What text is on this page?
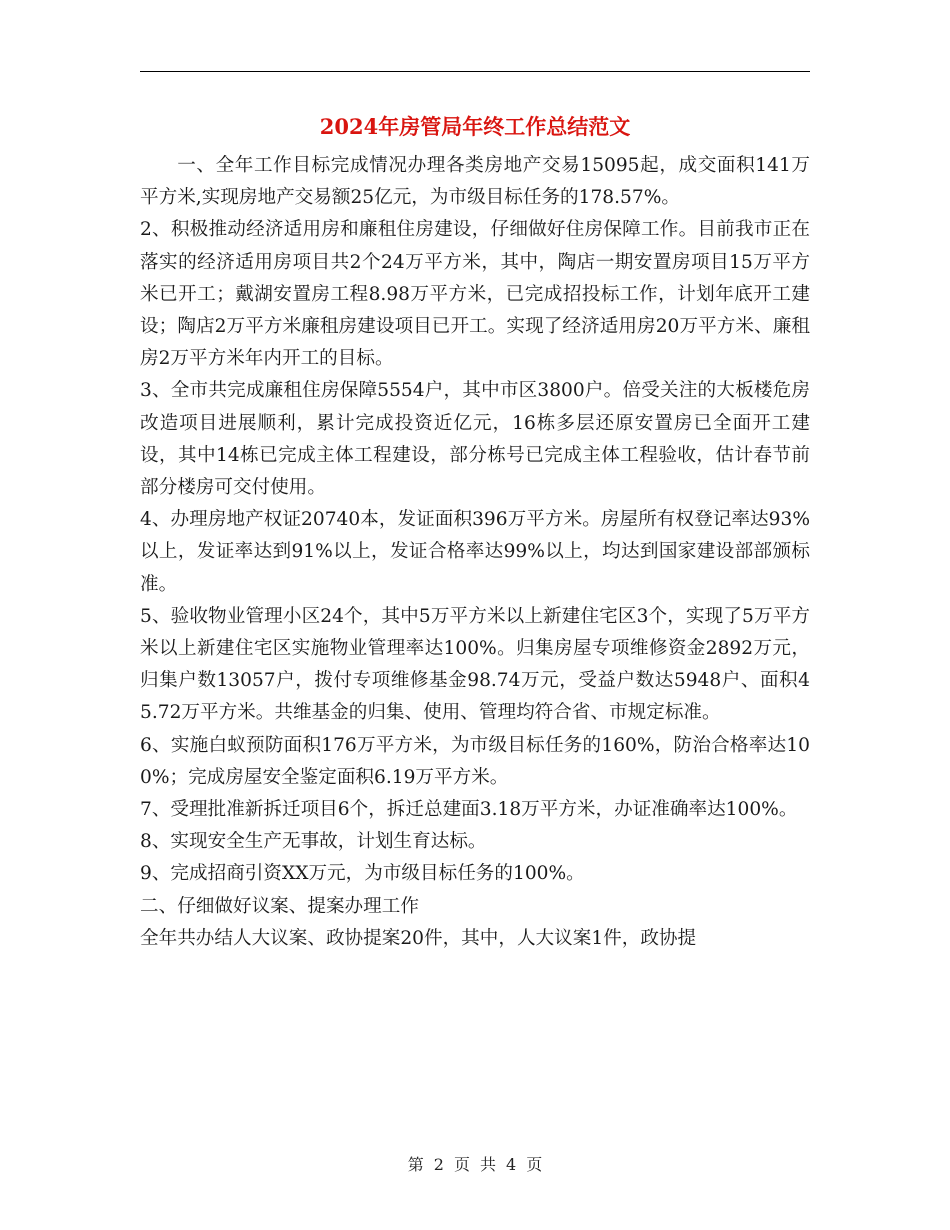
2024年房管局年终工作总结范文

一、全年工作目标完成情况办理各类房地产交易15095起，成交面积141万平方米,实现房地产交易额25亿元，为市级目标任务的178.57%。

2、积极推动经济适用房和廉租住房建设，仔细做好住房保障工作。目前我市正在落实的经济适用房项目共2个24万平方米，其中，陶店一期安置房项目15万平方米已开工；戴湖安置房工程8.98万平方米，已完成招投标工作，计划年底开工建设；陶店2万平方米廉租房建设项目已开工。实现了经济适用房20万平方米、廉租房2万平方米年内开工的目标。

3、全市共完成廉租住房保障5554户，其中市区3800户。倍受关注的大板楼危房改造项目进展顺利，累计完成投资近亿元，16栋多层还原安置房已全面开工建设，其中14栋已完成主体工程建设，部分栋号已完成主体工程验收，估计春节前部分楼房可交付使用。

4、办理房地产权证20740本，发证面积396万平方米。房屋所有权登记率达93%以上，发证率达到91%以上，发证合格率达99%以上，均达到国家建设部部颁标准。

5、验收物业管理小区24个，其中5万平方米以上新建住宅区3个，实现了5万平方米以上新建住宅区实施物业管理率达100%。归集房屋专项维修资金2892万元，归集户数13057户，拨付专项维修基金98.74万元，受益户数达5948户、面积45.72万平方米。共维基金的归集、使用、管理均符合省、市规定标准。

6、实施白蚁预防面积176万平方米，为市级目标任务的160%，防治合格率达100%；完成房屋安全鉴定面积6.19万平方米。

7、受理批准新拆迁项目6个，拆迁总建面3.18万平方米，办证准确率达100%。

8、实现安全生产无事故，计划生育达标。

9、完成招商引资XX万元，为市级目标任务的100%。

二、仔细做好议案、提案办理工作

全年共办结人大议案、政协提案20件，其中，人大议案1件，政协提

第 2 页 共 4 页
